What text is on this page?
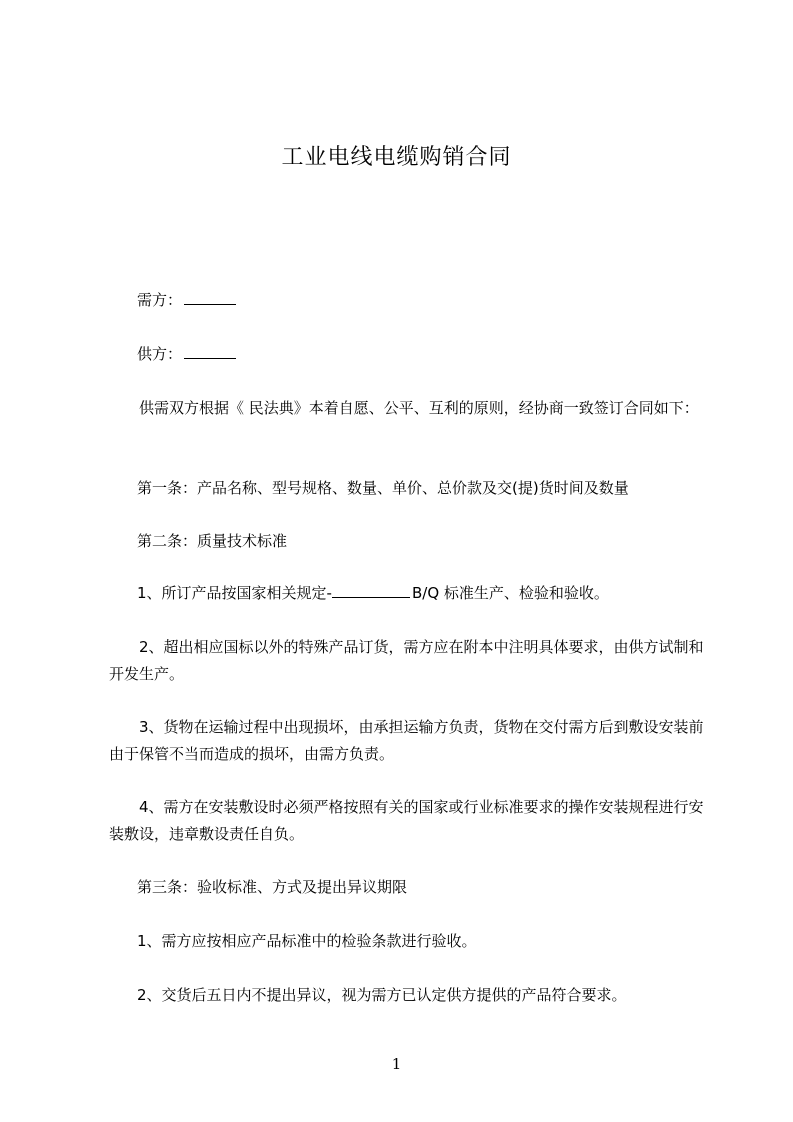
工业电线电缆购销合同

需方：

供方：

供需双方根据《 民法典》本着自愿、公平、互利的原则，经协商一致签订合同如下：

第一条：产品名称、型号规格、数量、单价、总价款及交(提)货时间及数量

第二条：质量技术标准

1、所订产品按国家相关规定-	B/Q 标准生产、检验和验收。

2、超出相应国标以外的特殊产品订货，需方应在附本中注明具体要求，由供方试制和开发生产。

3、货物在运输过程中出现损坏，由承担运输方负责，货物在交付需方后到敷设安装前由于保管不当而造成的损坏，由需方负责。

4、需方在安装敷设时必须严格按照有关的国家或行业标准要求的操作安装规程进行安装敷设，违章敷设责任自负。

第三条：验收标准、方式及提出异议期限

1、需方应按相应产品标准中的检验条款进行验收。

2、交货后五日内不提出异议，视为需方已认定供方提供的产品符合要求。

1
